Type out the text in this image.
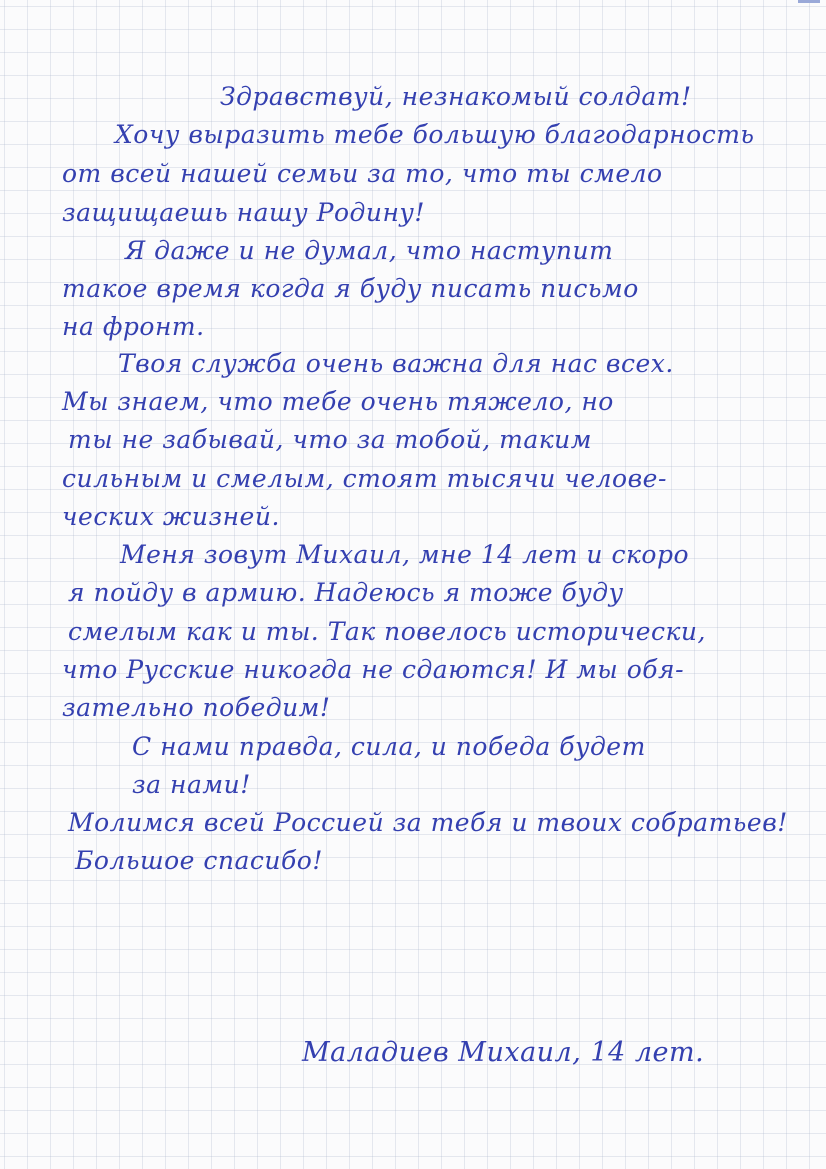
Здравствуй, незнакомый солдат!
Хочу выразить тебе большую благодарность
от всей нашей семьи за то, что ты смело
защищаешь нашу Родину!
Я даже и не думал, что наступит
такое время когда я буду писать письмо
на фронт.
Твоя служба очень важна для нас всех.
Мы знаем, что тебе очень тяжело, но
ты не забывай, что за тобой, таким
сильным и смелым, стоят тысячи челове-
ческих жизней.
Меня зовут Михаил, мне 14 лет и скоро
я пойду в армию. Надеюсь я тоже буду
смелым как и ты. Так повелось исторически,
что Русские никогда не сдаются! И мы обя-
зательно победим!
С нами правда, сила, и победа будет
за нами!
Молимся всей Россией за тебя и твоих собратьев!
Большое спасибо!
Маладиев Михаил, 14 лет.
